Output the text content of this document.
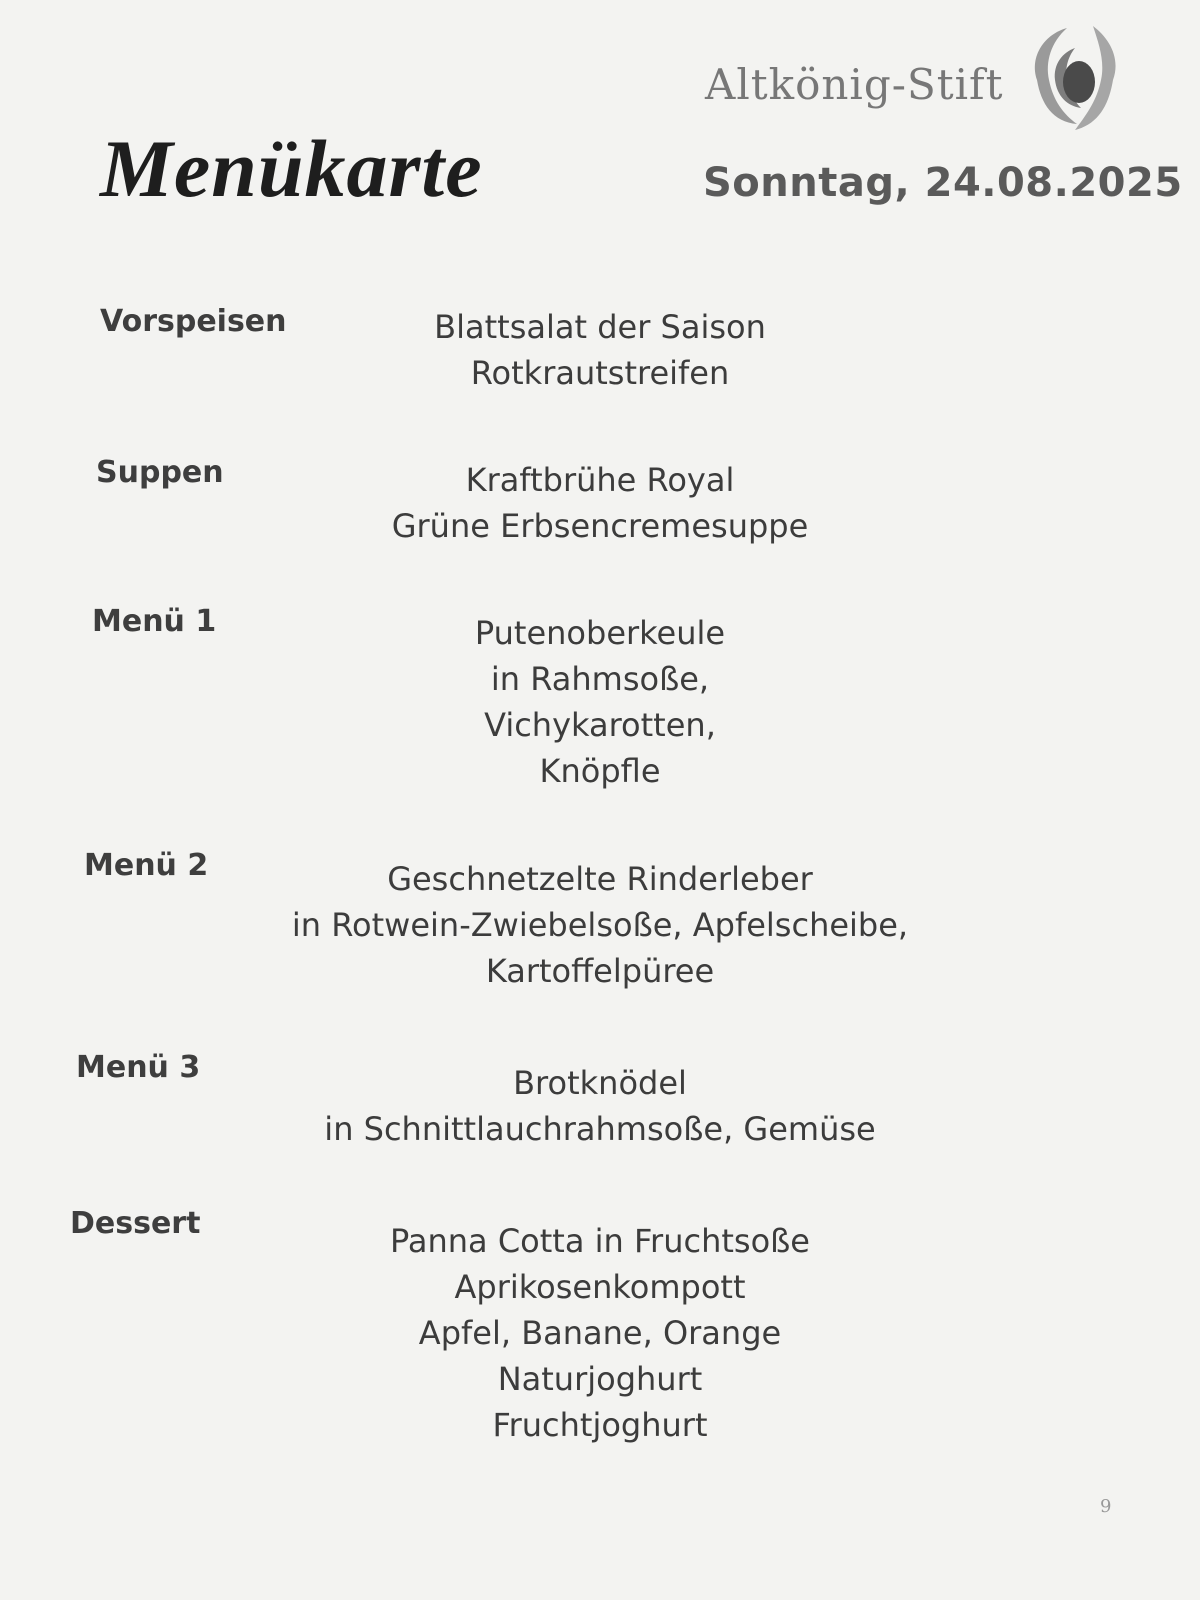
Altkönig-Stift
Menükarte	Sonntag, 24.08.2025
Vorspeisen	Blattsalat der Saison
Rotkrautstreifen
Suppen	Kraftbrühe Royal
Grüne Erbsencremesuppe
Menü 1	Putenoberkeule
in Rahmsoße,
Vichykarotten,
Knöpfle
Menü 2	Geschnetzelte Rinderleber
in Rotwein-Zwiebelsoße, Apfelscheibe,
Kartoffelpüree
Menü 3	Brotknödel
in Schnittlauchrahmsoße, Gemüse
Dessert	Panna Cotta in Fruchtsoße
Aprikosenkompott
Apfel, Banane, Orange
Naturjoghurt
Fruchtjoghurt
9
